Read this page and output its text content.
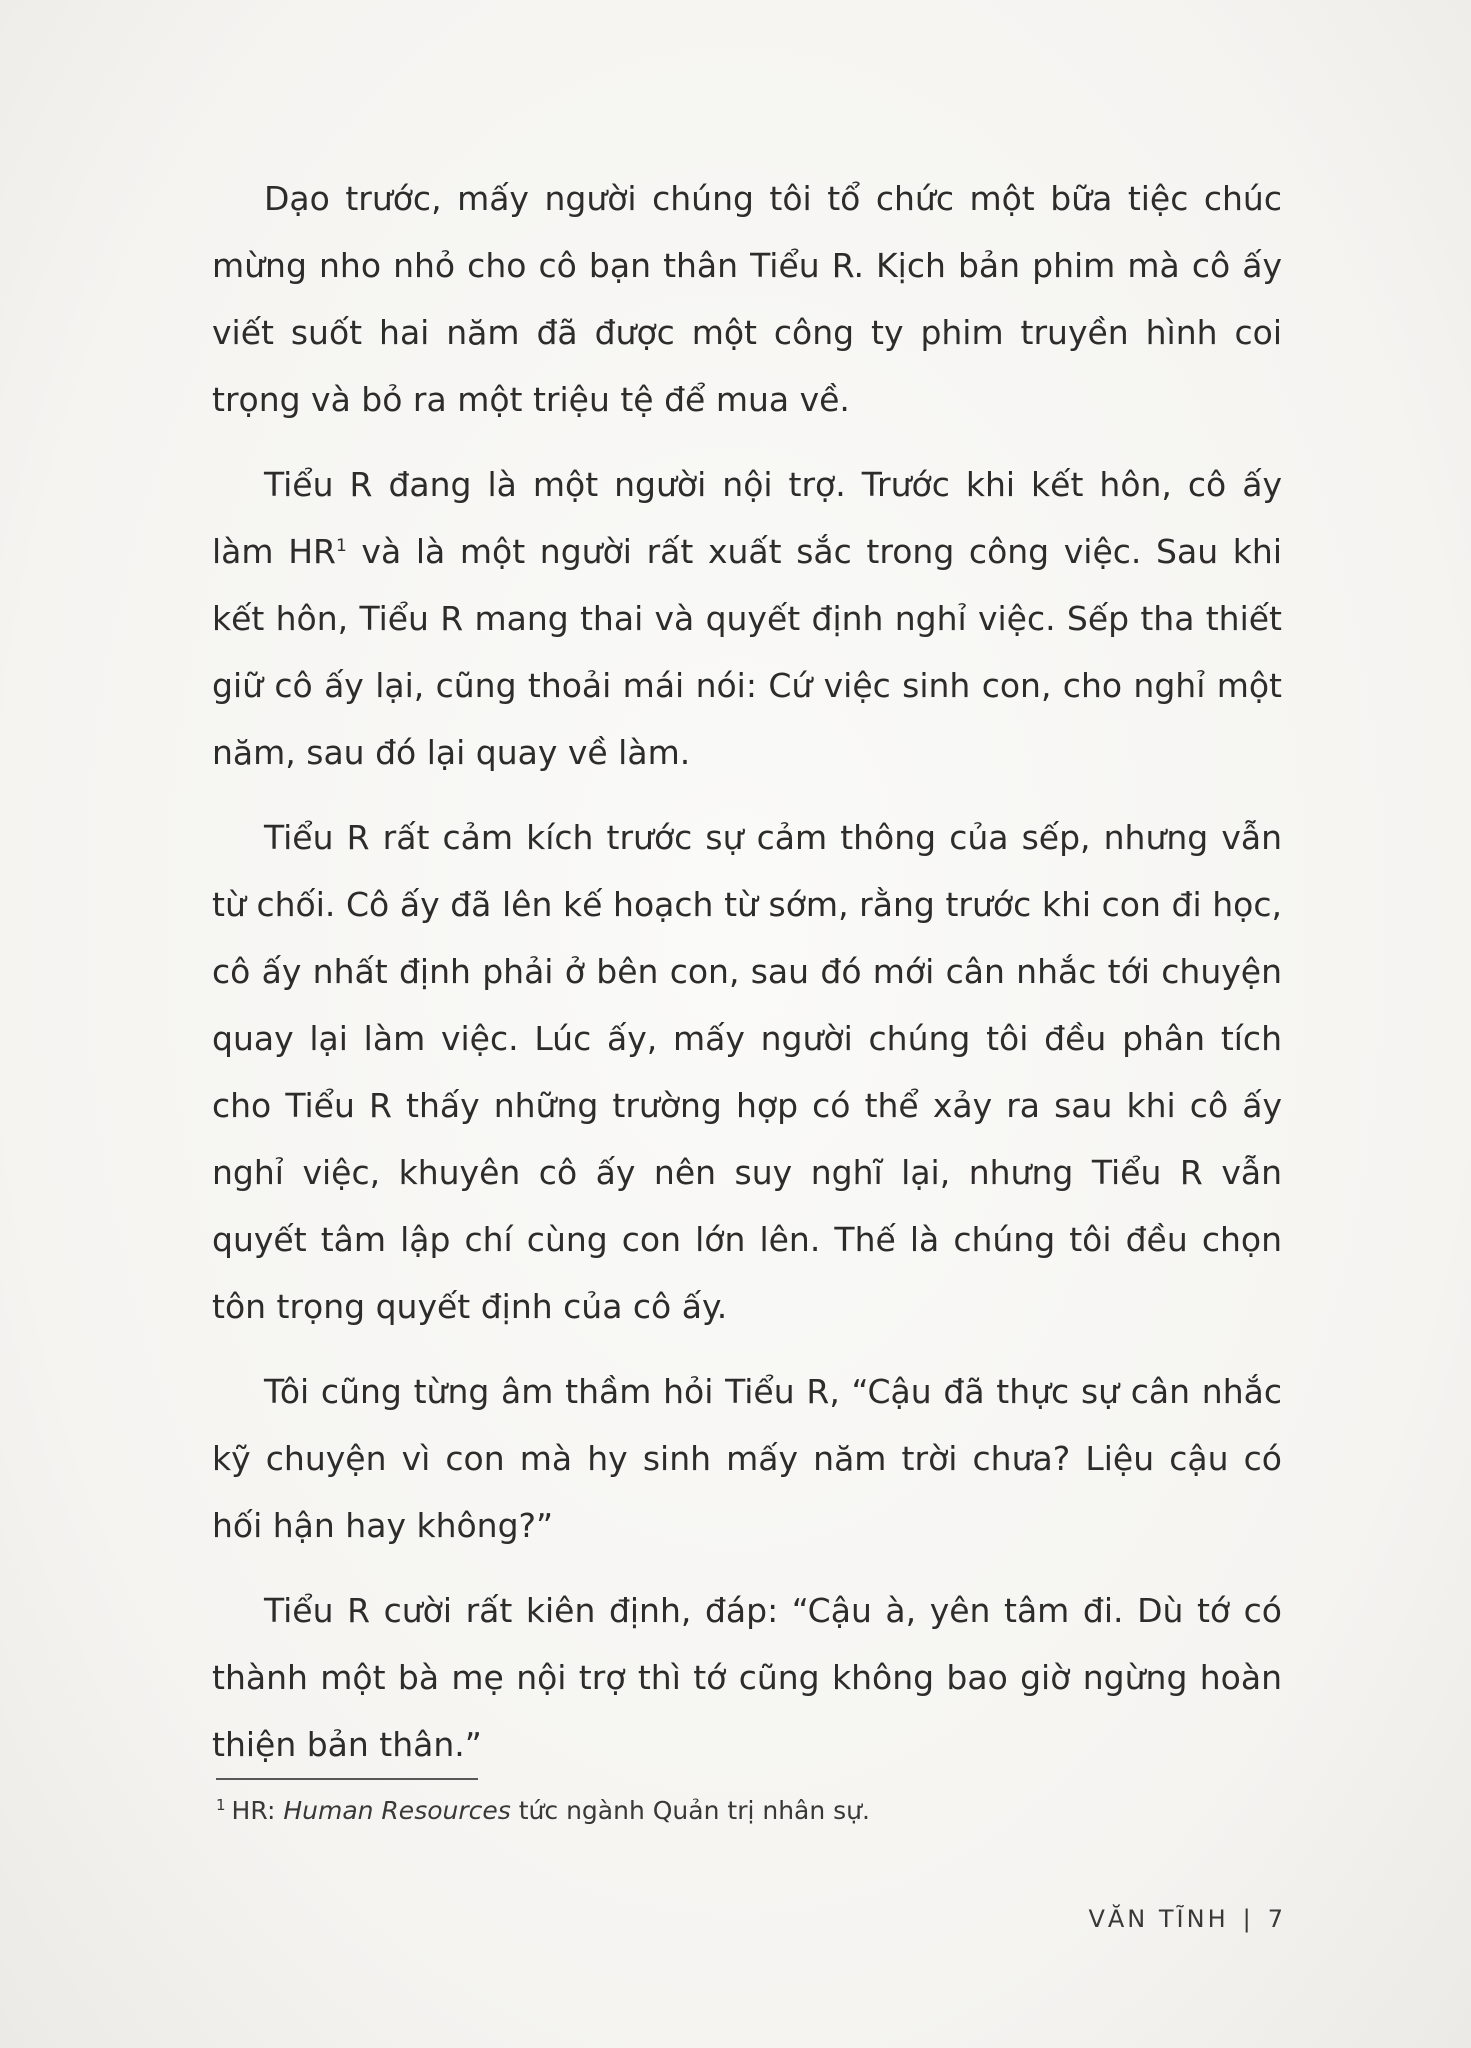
Dạo trước, mấy người chúng tôi tổ chức một bữa tiệc chúc mừng nho nhỏ cho cô bạn thân Tiểu R. Kịch bản phim mà cô ấy viết suốt hai năm đã được một công ty phim truyền hình coi trọng và bỏ ra một triệu tệ để mua về.

Tiểu R đang là một người nội trợ. Trước khi kết hôn, cô ấy làm HR$^1$ và là một người rất xuất sắc trong công việc. Sau khi kết hôn, Tiểu R mang thai và quyết định nghỉ việc. Sếp tha thiết giữ cô ấy lại, cũng thoải mái nói: Cứ việc sinh con, cho nghỉ một năm, sau đó lại quay về làm.

Tiểu R rất cảm kích trước sự cảm thông của sếp, nhưng vẫn từ chối. Cô ấy đã lên kế hoạch từ sớm, rằng trước khi con đi học, cô ấy nhất định phải ở bên con, sau đó mới cân nhắc tới chuyện quay lại làm việc. Lúc ấy, mấy người chúng tôi đều phân tích cho Tiểu R thấy những trường hợp có thể xảy ra sau khi cô ấy nghỉ việc, khuyên cô ấy nên suy nghĩ lại, nhưng Tiểu R vẫn quyết tâm lập chí cùng con lớn lên. Thế là chúng tôi đều chọn tôn trọng quyết định của cô ấy.

Tôi cũng từng âm thầm hỏi Tiểu R, “Cậu đã thực sự cân nhắc kỹ chuyện vì con mà hy sinh mấy năm trời chưa? Liệu cậu có hối hận hay không?”

Tiểu R cười rất kiên định, đáp: “Cậu à, yên tâm đi. Dù tớ có thành một bà mẹ nội trợ thì tớ cũng không bao giờ ngừng hoàn thiện bản thân.”

$^1$ HR: Human Resources tức ngành Quản trị nhân sự.
VĂN TĨNH | 7
